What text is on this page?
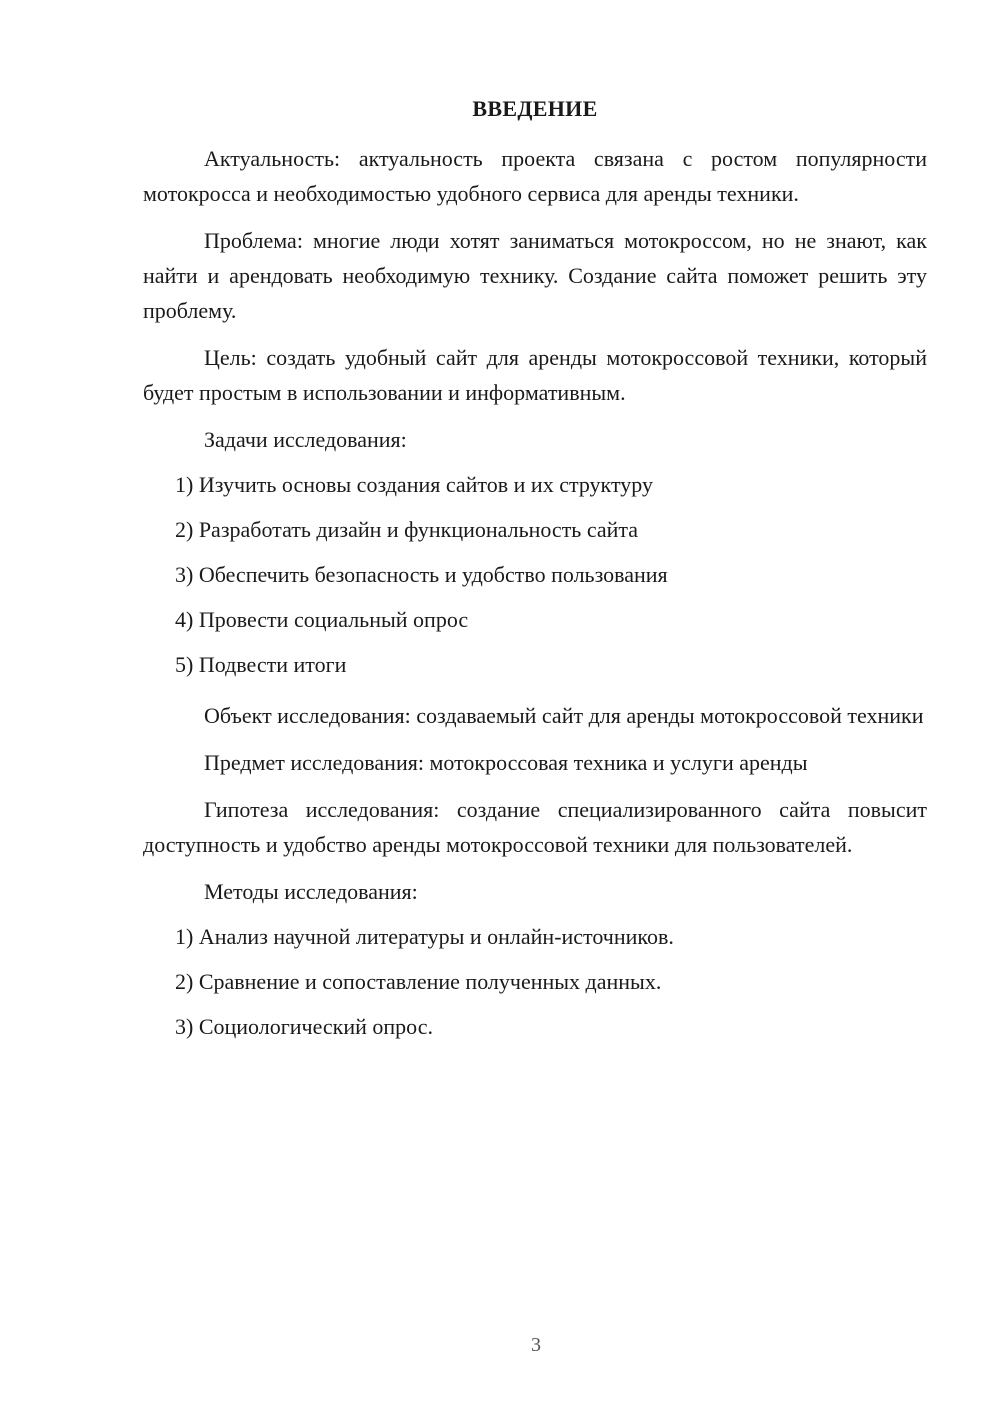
ВВЕДЕНИЕ

Актуальность: актуальность проекта связана с ростом популярности мотокросса и необходимостью удобного сервиса для аренды техники.

Проблема: многие люди хотят заниматься мотокроссом, но не знают, как найти и арендовать необходимую технику. Создание сайта поможет решить эту проблему.

Цель: создать удобный сайт для аренды мотокроссовой техники, который будет простым в использовании и информативным.

Задачи исследования:

1) Изучить основы создания сайтов и их структуру

2) Разработать дизайн и функциональность сайта

3) Обеспечить безопасность и удобство пользования

4) Провести социальный опрос

5) Подвести итоги

Объект исследования: создаваемый сайт для аренды мотокроссовой техники

Предмет исследования: мотокроссовая техника и услуги аренды

Гипотеза исследования: создание специализированного сайта повысит доступность и удобство аренды мотокроссовой техники для пользователей.

Методы исследования:

1) Анализ научной литературы и онлайн-источников.

2) Сравнение и сопоставление полученных данных.

3) Социологический опрос.

3
